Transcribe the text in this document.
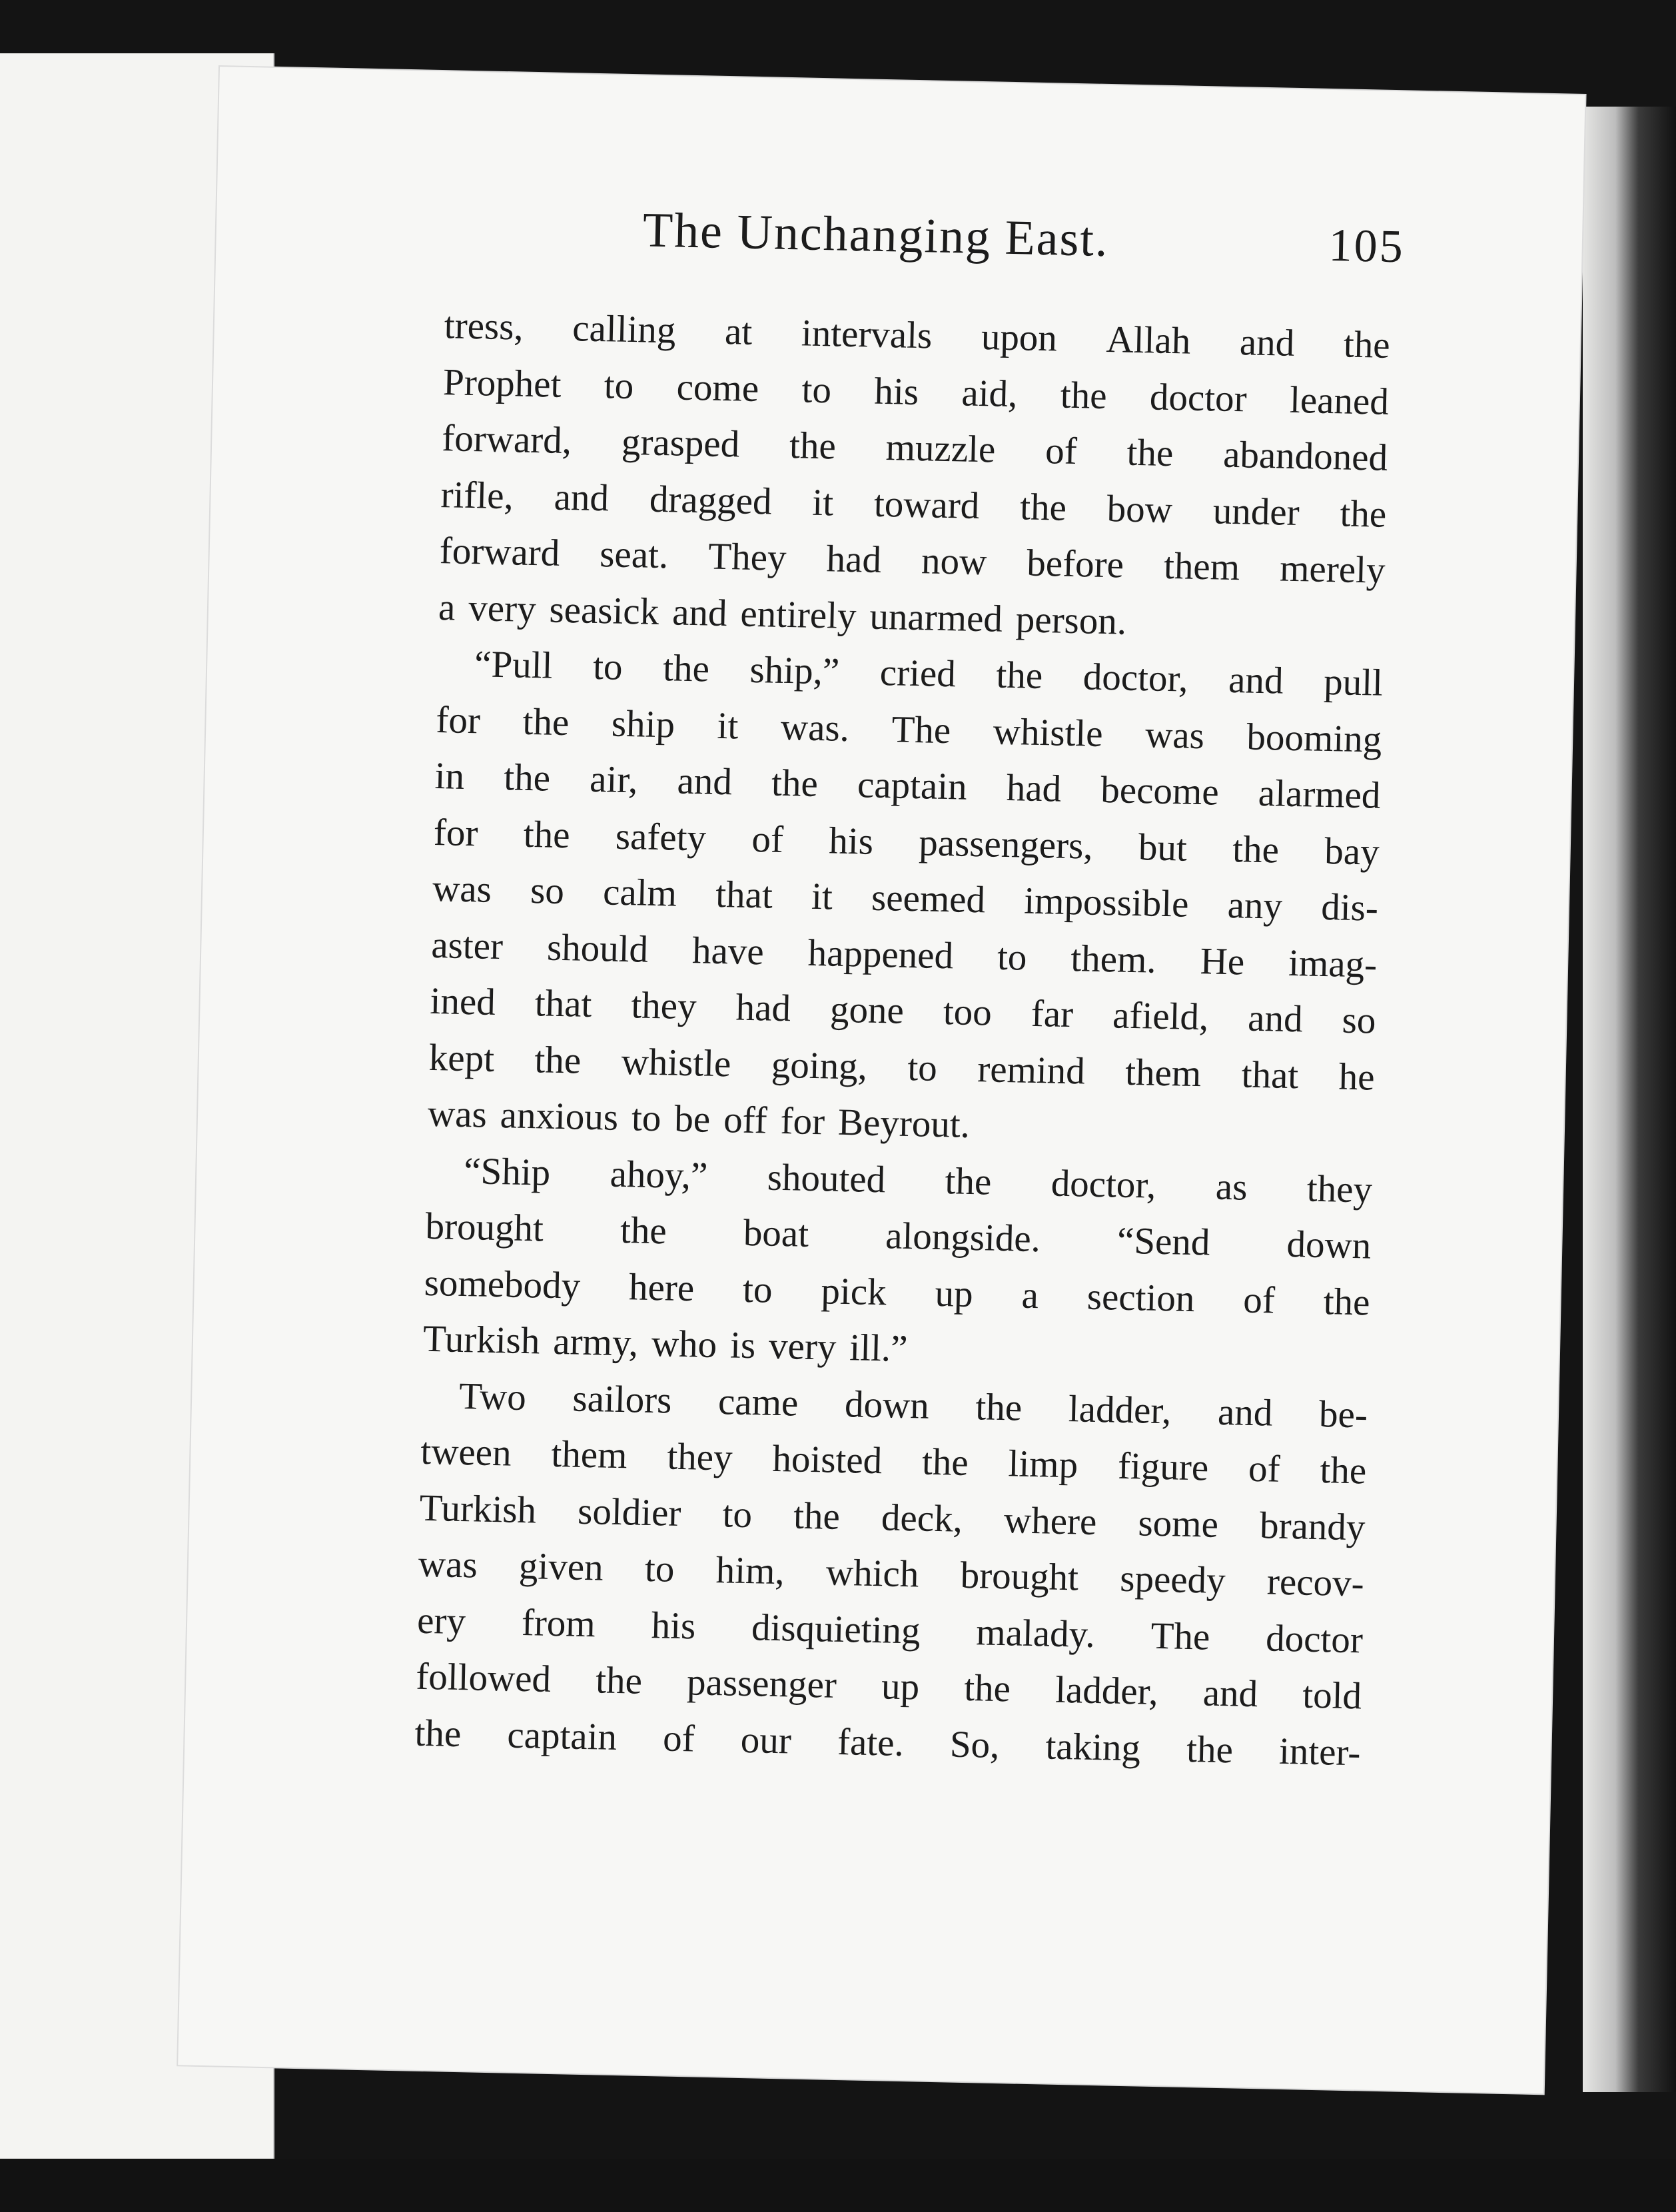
The Unchanging East.	105
tress, calling at intervals upon Allah and the
Prophet to come to his aid, the doctor leaned
forward, grasped the muzzle of the abandoned
rifle, and dragged it toward the bow under the
forward seat. They had now before them merely
a very seasick and entirely unarmed person.
“Pull to the ship,” cried the doctor, and pull
for the ship it was. The whistle was booming
in the air, and the captain had become alarmed
for the safety of his passengers, but the bay
was so calm that it seemed impossible any dis-
aster should have happened to them. He imag-
ined that they had gone too far afield, and so
kept the whistle going, to remind them that he
was anxious to be off for Beyrout.
“Ship ahoy,” shouted the doctor, as they
brought the boat alongside. “Send down
somebody here to pick up a section of the
Turkish army, who is very ill.”
Two sailors came down the ladder, and be-
tween them they hoisted the limp figure of the
Turkish soldier to the deck, where some brandy
was given to him, which brought speedy recov-
ery from his disquieting malady. The doctor
followed the passenger up the ladder, and told
the captain of our fate. So, taking the inter-
